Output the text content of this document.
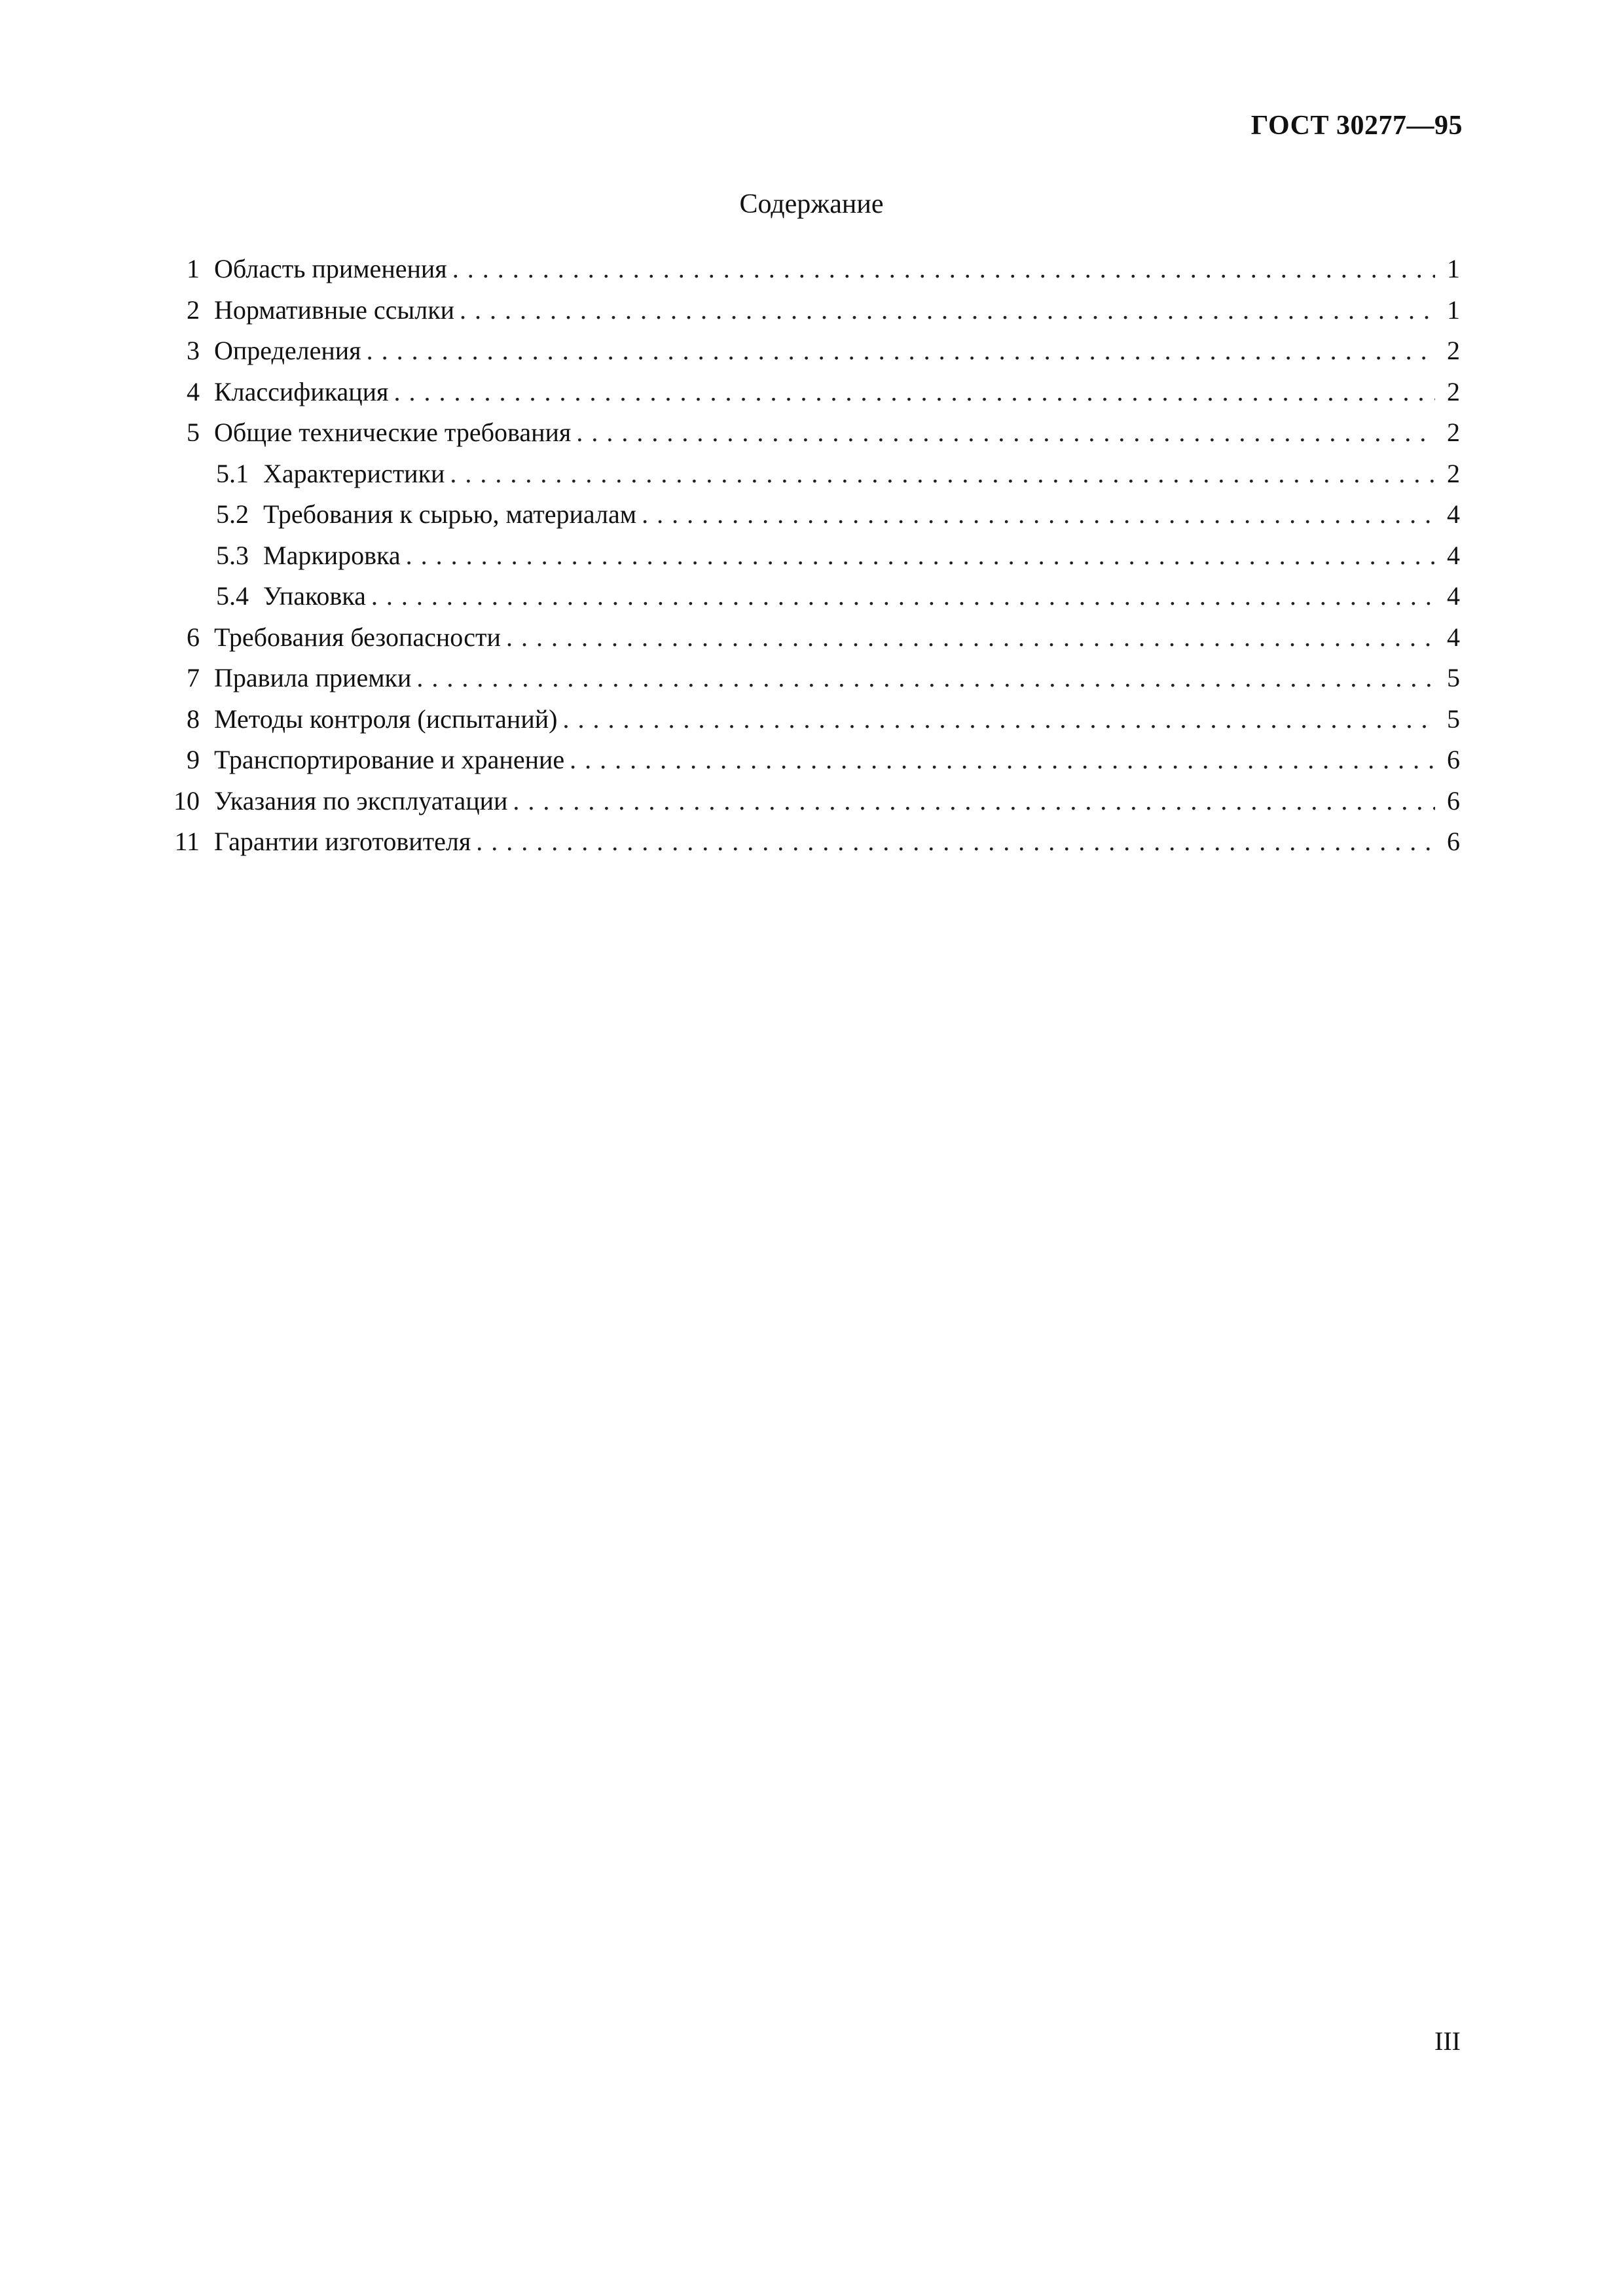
ГОСТ 30277—95
Содержание
1 Область применения . . .	1
2 Нормативные ссылки . . .	1
3 Определения . . .	2
4 Классификация . . .	2
5 Общие технические требования . . .	2
5.1 Характеристики . . .	2
5.2 Требования к сырью, материалам . . .	4
5.3 Маркировка . . .	4
5.4 Упаковка . . .	4
6 Требования безопасности . . .	4
7 Правила приемки . . .	5
8 Методы контроля (испытаний) . . .	5
9 Транспортирование и хранение . . .	6
10 Указания по эксплуатации . . .	6
11 Гарантии изготовителя . . .	6
III
